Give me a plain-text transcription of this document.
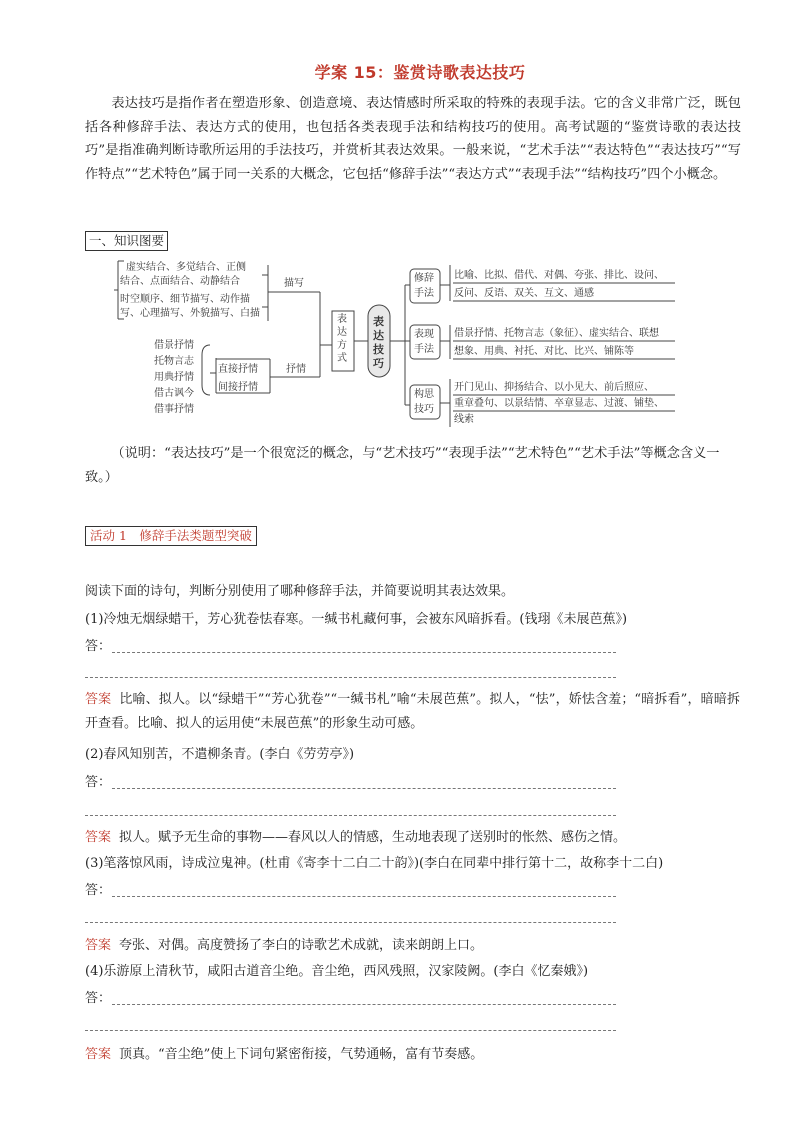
学案 15：鉴赏诗歌表达技巧
表达技巧是指作者在塑造形象、创造意境、表达情感时所采取的特殊的表现手法。它的含义非常广泛，既包括各种修辞手法、表达方式的使用，也包括各类表现手法和结构技巧的使用。高考试题的“鉴赏诗歌的表达技巧”是指准确判断诗歌所运用的手法技巧，并赏析其表达效果。一般来说，“艺术手法”“表达特色”“表达技巧”“写作特点”“艺术特色”属于同一关系的大概念，它包括“修辞手法”“表达方式”“表现手法”“结构技巧”四个小概念。
一、知识图要
虚实结合、多觉结合、正侧
结合、点面结合、动静结合
时空顺序、细节描写、动作描
写、心理描写、外貌描写、白描
描写
借景抒情
托物言志
用典抒情
借古讽今
借事抒情
直接抒情
间接抒情
抒情
表达方式
表达技巧
修辞手法
表现手法
构思技巧
比喻、比拟、借代、对偶、夸张、排比、设问、
反问、反语、双关、互文、通感
借景抒情、托物言志（象征）、虚实结合、联想
想象、用典、衬托、对比、比兴、铺陈等
开门见山、抑扬结合、以小见大、前后照应、
重章叠句、以景结情、卒章显志、过渡、铺垫、
线索
（说明：“表达技巧”是一个很宽泛的概念，与“艺术技巧”“表现手法”“艺术特色”“艺术手法”等概念含义一致。）
活动 1　修辞手法类题型突破
阅读下面的诗句，判断分别使用了哪种修辞手法，并简要说明其表达效果。
(1)冷烛无烟绿蜡干，芳心犹卷怯春寒。一缄书札藏何事，会被东风暗拆看。(钱珝《未展芭蕉》)
答：
答案 比喻、拟人。以“绿蜡干”“芳心犹卷”“一缄书札”喻“未展芭蕉”。拟人，“怯”，娇怯含羞；“暗拆看”，暗暗拆开查看。比喻、拟人的运用使“未展芭蕉”的形象生动可感。
(2)春风知别苦，不遣柳条青。(李白《劳劳亭》)
答：
答案 拟人。赋予无生命的事物——春风以人的情感，生动地表现了送别时的怅然、感伤之情。
(3)笔落惊风雨，诗成泣鬼神。(杜甫《寄李十二白二十韵》)(李白在同辈中排行第十二，故称李十二白)
答：
答案 夸张、对偶。高度赞扬了李白的诗歌艺术成就，读来朗朗上口。
(4)乐游原上清秋节，咸阳古道音尘绝。音尘绝，西风残照，汉家陵阙。(李白《忆秦娥》)
答：
答案 顶真。“音尘绝”使上下词句紧密衔接，气势通畅，富有节奏感。
